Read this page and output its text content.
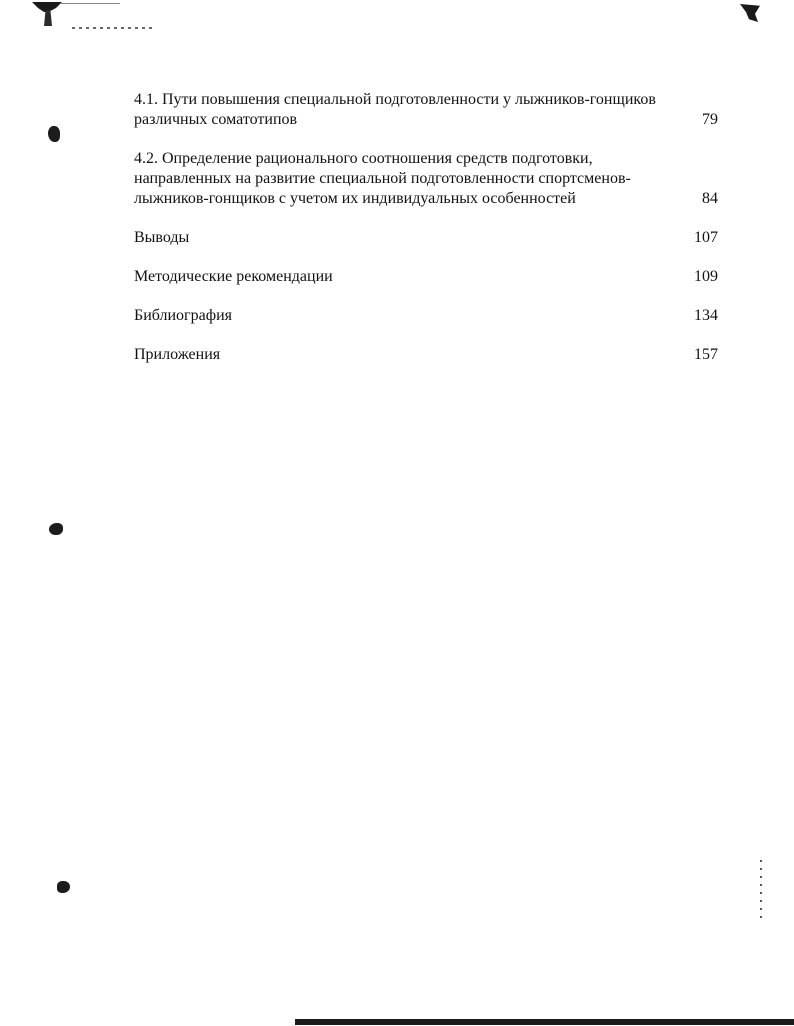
4.1. Пути повышения специальной подготовленности у лыжников-гонщиков различных соматотипов	79
4.2. Определение рационального соотношения средств подготовки, направленных на развитие специальной подготовленности спортсменов-лыжников-гонщиков с учетом их индивидуальных особенностей	84
Выводы	107
Методические рекомендации	109
Библиография	134
Приложения	157
